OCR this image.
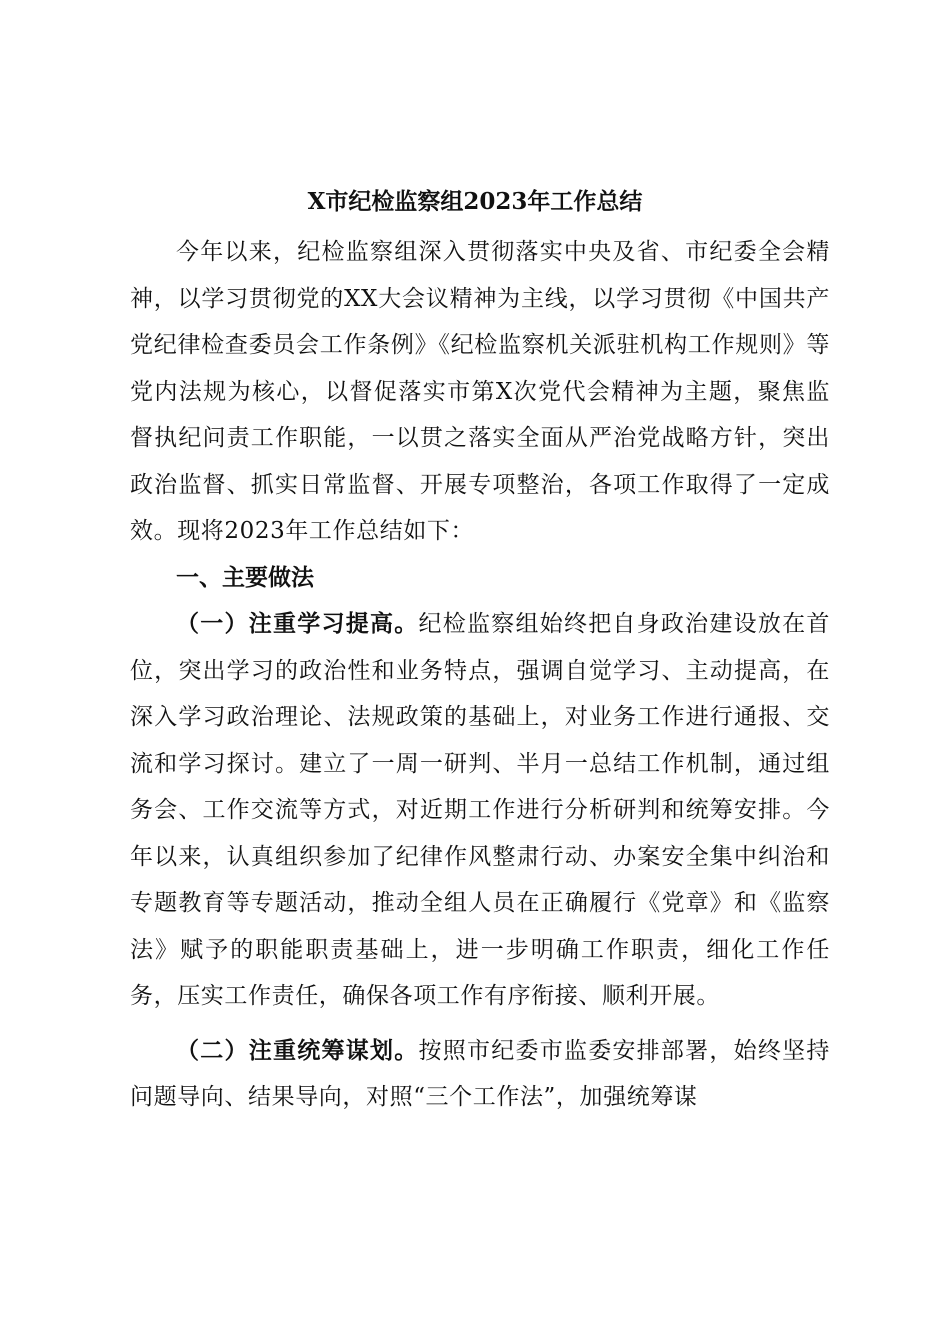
X市纪检监察组2023年工作总结

今年以来，纪检监察组深入贯彻落实中央及省、市纪委全会精神，以学习贯彻党的XX大会议精神为主线，以学习贯彻《中国共产党纪律检查委员会工作条例》《纪检监察机关派驻机构工作规则》等党内法规为核心，以督促落实市第X次党代会精神为主题，聚焦监督执纪问责工作职能，一以贯之落实全面从严治党战略方针，突出政治监督、抓实日常监督、开展专项整治，各项工作取得了一定成效。现将2023年工作总结如下：

一、主要做法

（一）注重学习提高。纪检监察组始终把自身政治建设放在首位，突出学习的政治性和业务特点，强调自觉学习、主动提高，在深入学习政治理论、法规政策的基础上，对业务工作进行通报、交流和学习探讨。建立了一周一研判、半月一总结工作机制，通过组务会、工作交流等方式，对近期工作进行分析研判和统筹安排。今年以来，认真组织参加了纪律作风整肃行动、办案安全集中纠治和专题教育等专题活动，推动全组人员在正确履行《党章》和《监察法》赋予的职能职责基础上，进一步明确工作职责，细化工作任务，压实工作责任，确保各项工作有序衔接、顺利开展。

（二）注重统筹谋划。按照市纪委市监委安排部署，始终坚持问题导向、结果导向，对照“三个工作法”，加强统筹谋
